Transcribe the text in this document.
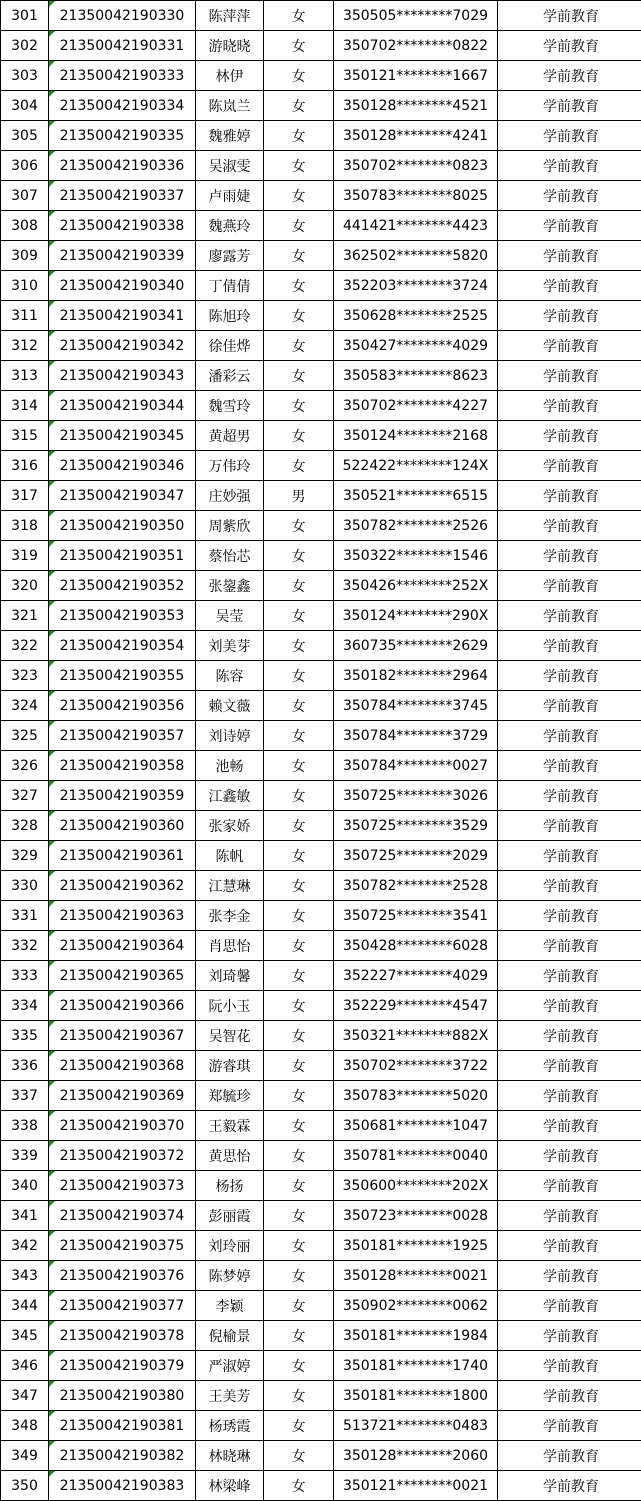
301	21350042190330	陈萍萍	女	350505********7029	学前教育
302	21350042190331	游晓晓	女	350702********0822	学前教育
303	21350042190333	林伊	女	350121********1667	学前教育
304	21350042190334	陈岚兰	女	350128********4521	学前教育
305	21350042190335	魏雅婷	女	350128********4241	学前教育
306	21350042190336	吴淑雯	女	350702********0823	学前教育
307	21350042190337	卢雨婕	女	350783********8025	学前教育
308	21350042190338	魏燕玲	女	441421********4423	学前教育
309	21350042190339	廖露芳	女	362502********5820	学前教育
310	21350042190340	丁倩倩	女	352203********3724	学前教育
311	21350042190341	陈旭玲	女	350628********2525	学前教育
312	21350042190342	徐佳烨	女	350427********4029	学前教育
313	21350042190343	潘彩云	女	350583********8623	学前教育
314	21350042190344	魏雪玲	女	350702********4227	学前教育
315	21350042190345	黄超男	女	350124********2168	学前教育
316	21350042190346	万伟玲	女	522422********124X	学前教育
317	21350042190347	庄妙强	男	350521********6515	学前教育
318	21350042190350	周紫欣	女	350782********2526	学前教育
319	21350042190351	蔡怡芯	女	350322********1546	学前教育
320	21350042190352	张鋆鑫	女	350426********252X	学前教育
321	21350042190353	吴莹	女	350124********290X	学前教育
322	21350042190354	刘美芽	女	360735********2629	学前教育
323	21350042190355	陈容	女	350182********2964	学前教育
324	21350042190356	赖文薇	女	350784********3745	学前教育
325	21350042190357	刘诗婷	女	350784********3729	学前教育
326	21350042190358	池畅	女	350784********0027	学前教育
327	21350042190359	江鑫敏	女	350725********3026	学前教育
328	21350042190360	张家娇	女	350725********3529	学前教育
329	21350042190361	陈帆	女	350725********2029	学前教育
330	21350042190362	江慧琳	女	350782********2528	学前教育
331	21350042190363	张李金	女	350725********3541	学前教育
332	21350042190364	肖思怡	女	350428********6028	学前教育
333	21350042190365	刘琦馨	女	352227********4029	学前教育
334	21350042190366	阮小玉	女	352229********4547	学前教育
335	21350042190367	吴智花	女	350321********882X	学前教育
336	21350042190368	游睿琪	女	350702********3722	学前教育
337	21350042190369	郑毓珍	女	350783********5020	学前教育
338	21350042190370	王毅霖	女	350681********1047	学前教育
339	21350042190372	黄思怡	女	350781********0040	学前教育
340	21350042190373	杨扬	女	350600********202X	学前教育
341	21350042190374	彭丽霞	女	350723********0028	学前教育
342	21350042190375	刘玲丽	女	350181********1925	学前教育
343	21350042190376	陈梦婷	女	350128********0021	学前教育
344	21350042190377	李颖	女	350902********0062	学前教育
345	21350042190378	倪榆景	女	350181********1984	学前教育
346	21350042190379	严淑婷	女	350181********1740	学前教育
347	21350042190380	王美芳	女	350181********1800	学前教育
348	21350042190381	杨琇霞	女	513721********0483	学前教育
349	21350042190382	林晓琳	女	350128********2060	学前教育
350	21350042190383	林梁峰	女	350121********0021	学前教育
